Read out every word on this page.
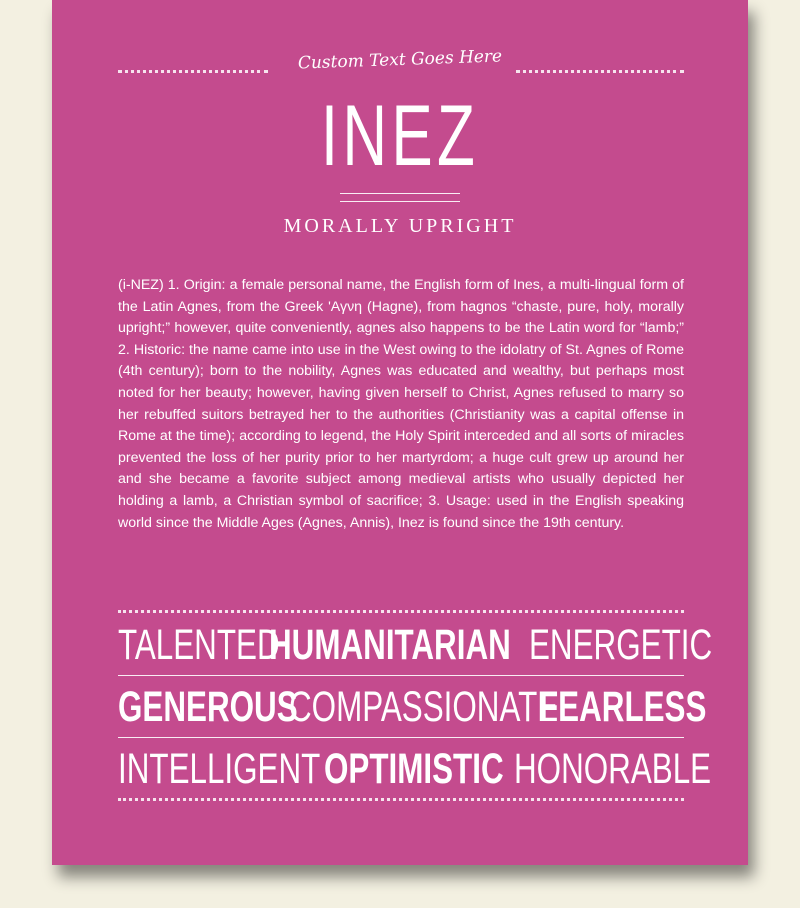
Custom Text Goes Here
INEZ
MORALLY UPRIGHT
(i-NEZ) 1. Origin: a female personal name, the English form of Ines, a multi-lingual form of the Latin Agnes, from the Greek ʹΑγνη (Hagne), from hagnos “chaste, pure, holy, morally upright;” however, quite conveniently, agnes also happens to be the Latin word for “lamb;” 2. Historic: the name came into use in the West owing to the idolatry of St. Agnes of Rome (4th century); born to the nobility, Agnes was educated and wealthy, but perhaps most noted for her beauty; however, having given herself to Christ, Agnes refused to marry so her rebuffed suitors betrayed her to the authorities (Christianity was a capital offense in Rome at the time); according to legend, the Holy Spirit interceded and all sorts of miracles prevented the loss of her purity prior to her martyrdom; a huge cult grew up around her and she became a favorite subject among medieval artists who usually depicted her holding a lamb, a Christian symbol of sacrifice; 3. Usage: used in the English speaking world since the Middle Ages (Agnes, Annis), Inez is found since the 19th century.
TALENTED
HUMANITARIAN ENERGETIC
GENEROUS
COMPASSIONATE
FEARLESS
INTELLIGENT OPTIMISTIC HONORABLE
